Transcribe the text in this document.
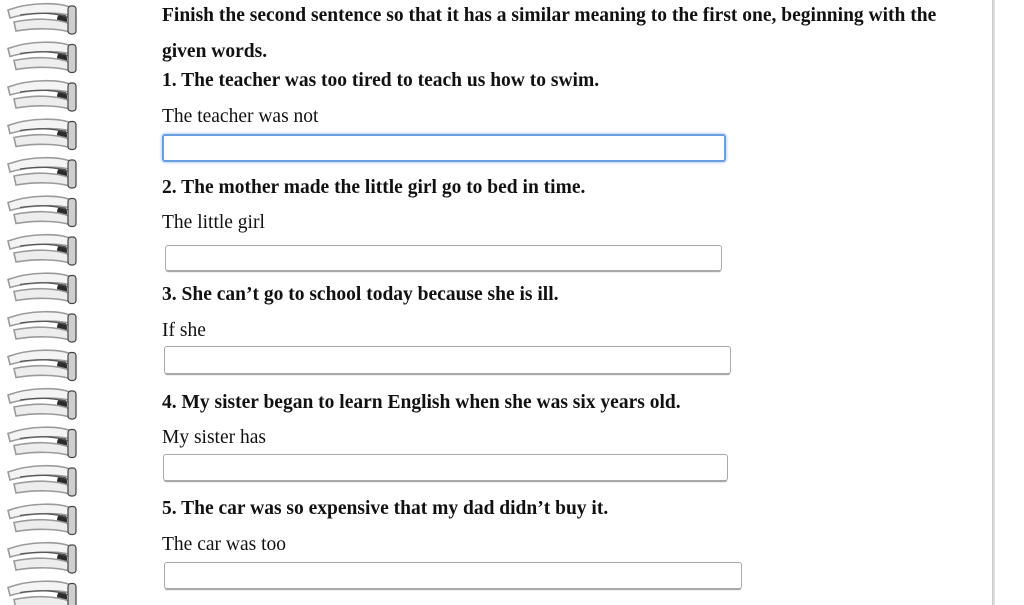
Finish the second sentence so that it has a similar meaning to the first one, beginning with the given words.

1. The teacher was too tired to teach us how to swim.

The teacher was not

2. The mother made the little girl go to bed in time.

The little girl

3. She can’t go to school today because she is ill.

If she

4. My sister began to learn English when she was six years old.

My sister has

5. The car was so expensive that my dad didn’t buy it.

The car was too
